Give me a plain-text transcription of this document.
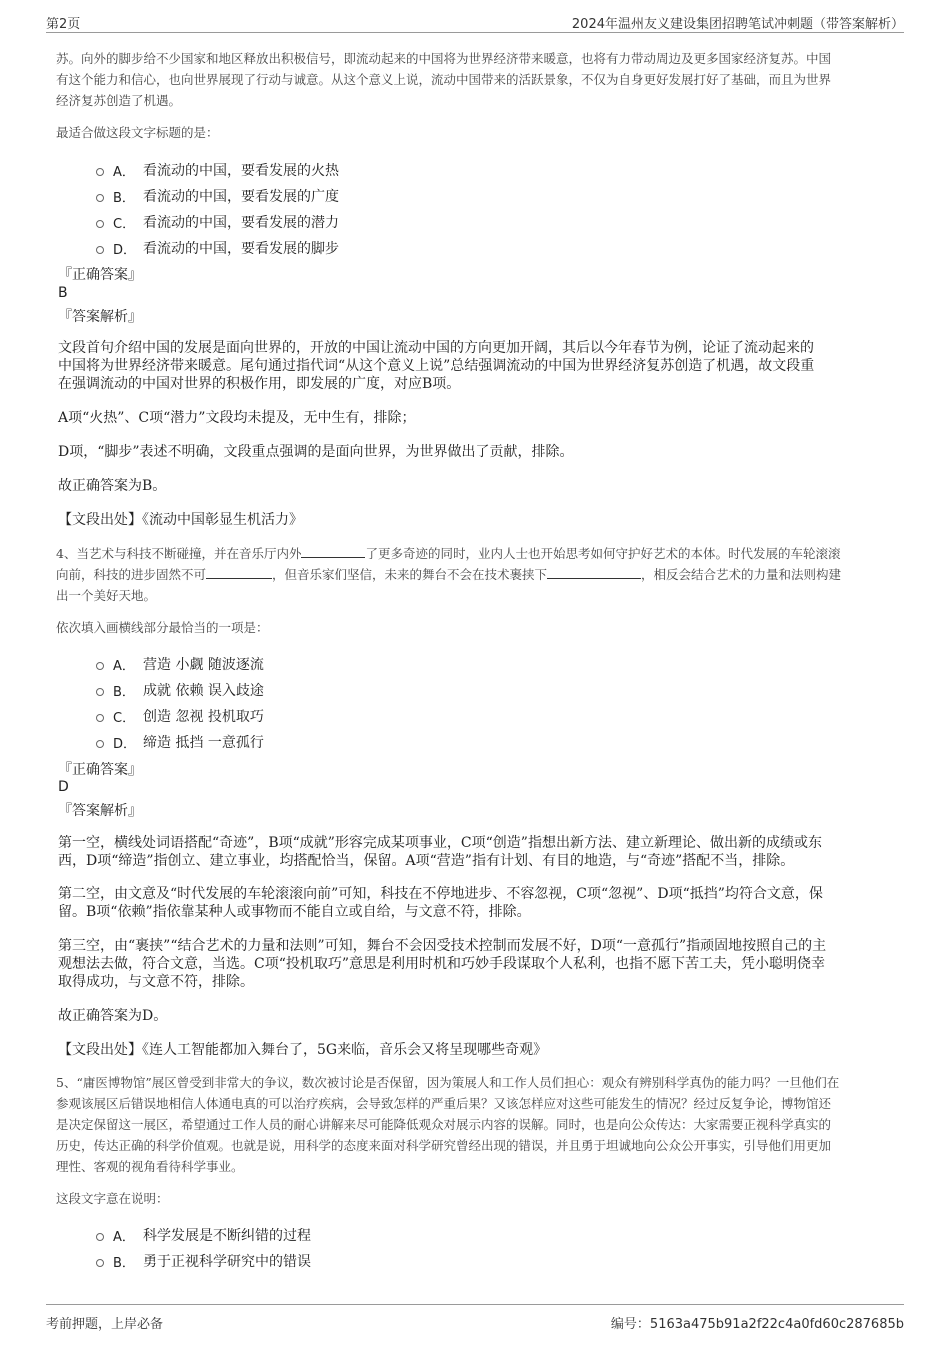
第2页	2024年温州友义建设集团招聘笔试冲刺题（带答案解析）
苏。向外的脚步给不少国家和地区释放出积极信号，即流动起来的中国将为世界经济带来暖意，也将有力带动周边及更多国家经济复苏。中国
有这个能力和信心，也向世界展现了行动与诚意。从这个意义上说，流动中国带来的活跃景象，不仅为自身更好发展打好了基础，而且为世界
经济复苏创造了机遇。
最适合做这段文字标题的是：
A． 看流动的中国，要看发展的火热
B． 看流动的中国，要看发展的广度
C． 看流动的中国，要看发展的潜力
D． 看流动的中国，要看发展的脚步
『正确答案』
B
『答案解析』
文段首句介绍中国的发展是面向世界的，开放的中国让流动中国的方向更加开阔，其后以今年春节为例，论证了流动起来的
中国将为世界经济带来暖意。尾句通过指代词“从这个意义上说”总结强调流动的中国为世界经济复苏创造了机遇，故文段重
在强调流动的中国对世界的积极作用，即发展的广度，对应B项。
A项“火热”、C项“潜力”文段均未提及，无中生有，排除；
D项，“脚步”表述不明确，文段重点强调的是面向世界，为世界做出了贡献，排除。
故正确答案为B。
【文段出处】《流动中国彰显生机活力》
4、当艺术与科技不断碰撞，并在音乐厅内外	了更多奇迹的同时，业内人士也开始思考如何守护好艺术的本体。时代发展的车轮滚滚
向前，科技的进步固然不可	，但音乐家们坚信，未来的舞台不会在技术裹挟下	，相反会结合艺术的力量和法则构建
出一个美好天地。
依次填入画横线部分最恰当的一项是：
A． 营造 小觑 随波逐流
B． 成就 依赖 误入歧途
C． 创造 忽视 投机取巧
D． 缔造 抵挡 一意孤行
『正确答案』
D
『答案解析』
第一空，横线处词语搭配“奇迹”，B项“成就”形容完成某项事业，C项“创造”指想出新方法、建立新理论、做出新的成绩或东
西，D项“缔造”指创立、建立事业，均搭配恰当，保留。A项“营造”指有计划、有目的地造，与“奇迹”搭配不当，排除。
第二空，由文意及“时代发展的车轮滚滚向前”可知，科技在不停地进步、不容忽视，C项“忽视”、D项“抵挡”均符合文意，保
留。B项“依赖”指依靠某种人或事物而不能自立或自给，与文意不符，排除。
第三空，由“裹挟”“结合艺术的力量和法则”可知，舞台不会因受技术控制而发展不好，D项“一意孤行”指顽固地按照自己的主
观想法去做，符合文意，当选。C项“投机取巧”意思是利用时机和巧妙手段谋取个人私利，也指不愿下苦工夫，凭小聪明侥幸
取得成功，与文意不符，排除。
故正确答案为D。
【文段出处】《连人工智能都加入舞台了，5G来临，音乐会又将呈现哪些奇观》
5、“庸医博物馆”展区曾受到非常大的争议，数次被讨论是否保留，因为策展人和工作人员们担心：观众有辨别科学真伪的能力吗？一旦他们在
参观该展区后错误地相信人体通电真的可以治疗疾病，会导致怎样的严重后果？又该怎样应对这些可能发生的情况？经过反复争论，博物馆还
是决定保留这一展区，希望通过工作人员的耐心讲解来尽可能降低观众对展示内容的误解。同时，也是向公众传达：大家需要正视科学真实的
历史，传达正确的科学价值观。也就是说，用科学的态度来面对科学研究曾经出现的错误，并且勇于坦诚地向公众公开事实，引导他们用更加
理性、客观的视角看待科学事业。
这段文字意在说明：
A． 科学发展是不断纠错的过程
B． 勇于正视科学研究中的错误
考前押题，上岸必备	编号：5163a475b91a2f22c4a0fd60c287685b
